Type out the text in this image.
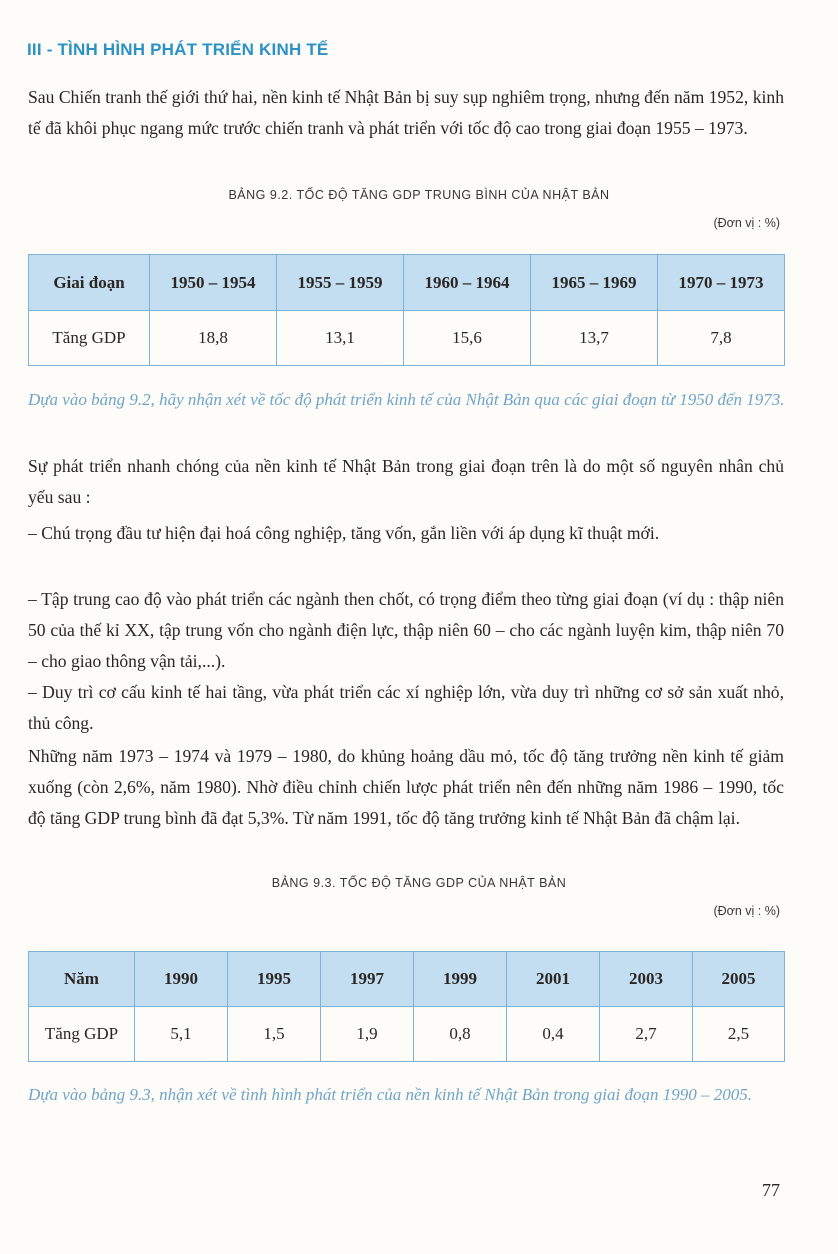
III - TÌNH HÌNH PHÁT TRIỂN KINH TẾ
Sau Chiến tranh thế giới thứ hai, nền kinh tế Nhật Bản bị suy sụp nghiêm trọng, nhưng đến năm 1952, kinh tế đã khôi phục ngang mức trước chiến tranh và phát triển với tốc độ cao trong giai đoạn 1955 – 1973.
BẢNG 9.2. TỐC ĐỘ TĂNG GDP TRUNG BÌNH CỦA NHẬT BẢN
(Đơn vị : %)
Giai đoạn	1950 – 1954	1955 – 1959	1960 – 1964	1965 – 1969	1970 – 1973
Tăng GDP	18,8	13,1	15,6	13,7	7,8
Dựa vào bảng 9.2, hãy nhận xét về tốc độ phát triển kinh tế của Nhật Bản qua các giai đoạn từ 1950 đến 1973.
Sự phát triển nhanh chóng của nền kinh tế Nhật Bản trong giai đoạn trên là do một số nguyên nhân chủ yếu sau :
– Chú trọng đầu tư hiện đại hoá công nghiệp, tăng vốn, gắn liền với áp dụng kĩ thuật mới.
– Tập trung cao độ vào phát triển các ngành then chốt, có trọng điểm theo từng giai đoạn (ví dụ : thập niên 50 của thế kỉ XX, tập trung vốn cho ngành điện lực, thập niên 60 – cho các ngành luyện kim, thập niên 70 – cho giao thông vận tải,...).
– Duy trì cơ cấu kinh tế hai tầng, vừa phát triển các xí nghiệp lớn, vừa duy trì những cơ sở sản xuất nhỏ, thủ công.
Những năm 1973 – 1974 và 1979 – 1980, do khủng hoảng dầu mỏ, tốc độ tăng trưởng nền kinh tế giảm xuống (còn 2,6%, năm 1980). Nhờ điều chỉnh chiến lược phát triển nên đến những năm 1986 – 1990, tốc độ tăng GDP trung bình đã đạt 5,3%. Từ năm 1991, tốc độ tăng trưởng kinh tế Nhật Bản đã chậm lại.
BẢNG 9.3. TỐC ĐỘ TĂNG GDP CỦA NHẬT BẢN
(Đơn vị : %)
Năm	1990	1995	1997	1999	2001	2003	2005
Tăng GDP	5,1	1,5	1,9	0,8	0,4	2,7	2,5
Dựa vào bảng 9.3, nhận xét về tình hình phát triển của nền kinh tế Nhật Bản trong giai đoạn 1990 – 2005.
77
